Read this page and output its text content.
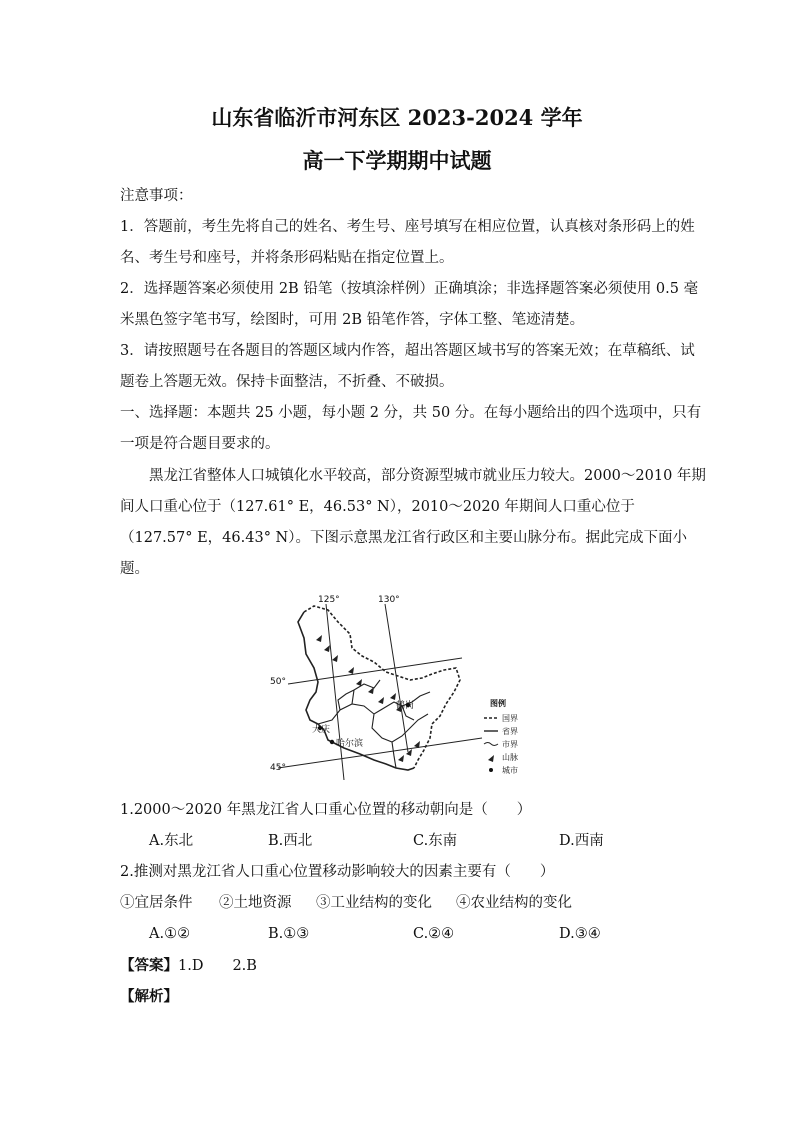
山东省临沂市河东区 2023-2024 学年
高一下学期期中试题
注意事项：
1．答题前，考生先将自己的姓名、考生号、座号填写在相应位置，认真核对条形码上的姓
名、考生号和座号，并将条形码粘贴在指定位置上。
2．选择题答案必须使用 2B 铅笔（按填涂样例）正确填涂；非选择题答案必须使用 0.5 毫
米黑色签字笔书写，绘图时，可用 2B 铅笔作答，字体工整、笔迹清楚。
3．请按照题号在各题目的答题区域内作答，超出答题区域书写的答案无效；在草稿纸、试
题卷上答题无效。保持卡面整洁，不折叠、不破损。
一、选择题：本题共 25 小题，每小题 2 分，共 50 分。在每小题给出的四个选项中，只有
一项是符合题目要求的。
黑龙江省整体人口城镇化水平较高，部分资源型城市就业压力较大。2000～2010 年期
间人口重心位于（127.61° E，46.53° N），2010～2020 年期间人口重心位于
（127.57° E，46.43° N）。下图示意黑龙江省行政区和主要山脉分布。据此完成下面小
题。
125°	130°
50°
45°
大庆
哈尔滨
鹤岗	图例
国界
省界
市界
山脉
城市
1.2000～2020 年黑龙江省人口重心位置的移动朝向是（　　）
A.东北	B.西北	C.东南	D.西南
2.推测对黑龙江省人口重心位置移动影响较大的因素主要有（　　）
①宜居条件 ②土地资源 ③工业结构的变化 ④农业结构的变化
A.①②	B.①③	C.②④	D.③④
【答案】1.D　　2.B
【解析】
